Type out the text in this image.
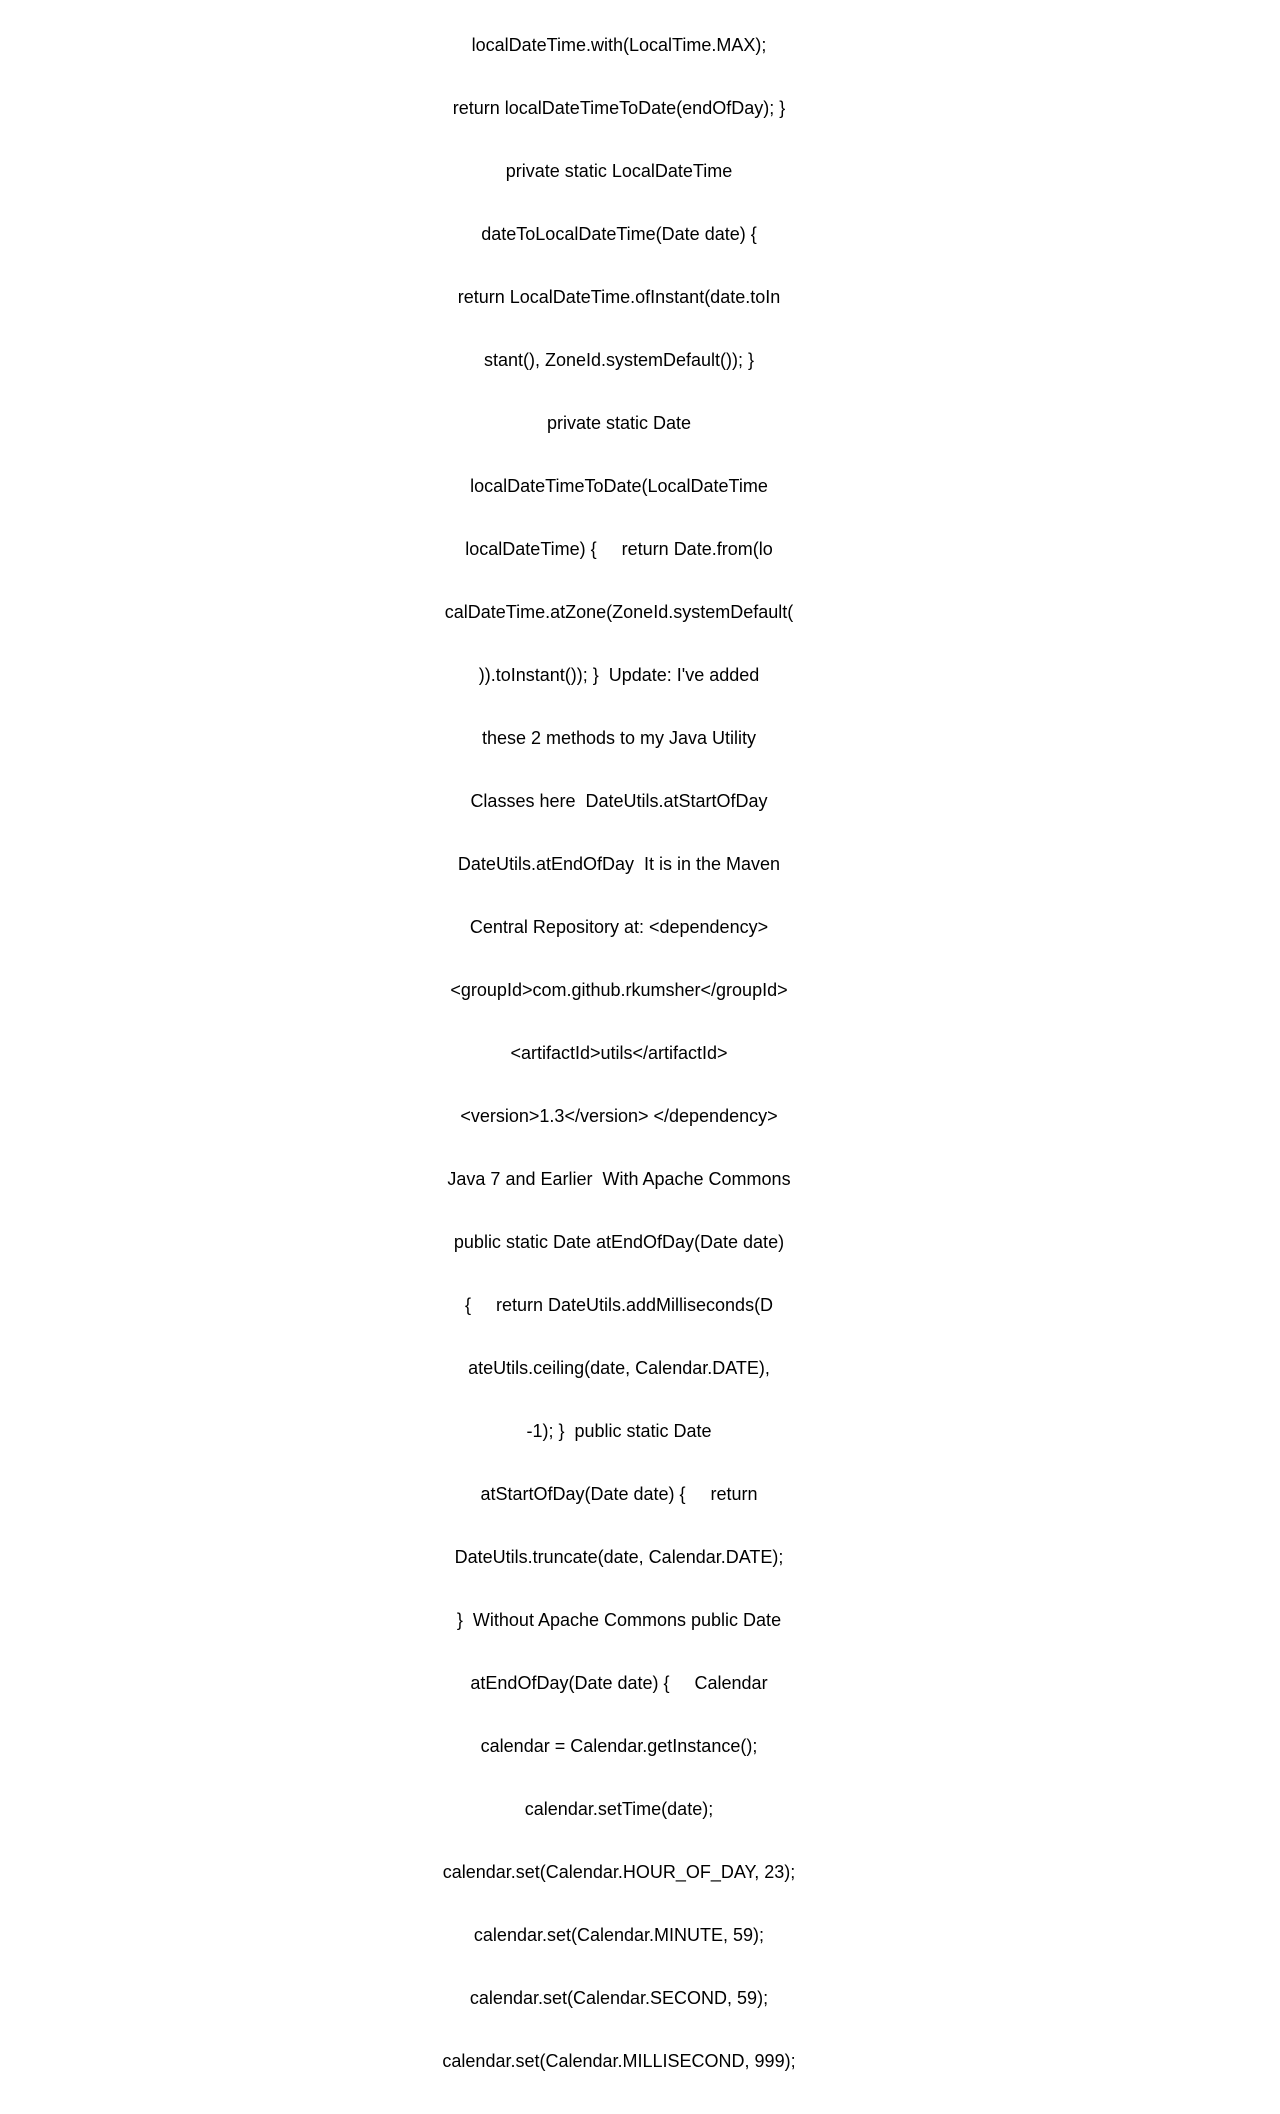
localDateTime.with(LocalTime.MAX);

return localDateTimeToDate(endOfDay); }

private static LocalDateTime

dateToLocalDateTime(Date date) {

return LocalDateTime.ofInstant(date.toIn

stant(), ZoneId.systemDefault()); }

private static Date

localDateTimeToDate(LocalDateTime

localDateTime) {     return Date.from(lo

calDateTime.atZone(ZoneId.systemDefault(

)).toInstant()); }  Update: I've added

these 2 methods to my Java Utility

Classes here  DateUtils.atStartOfDay

DateUtils.atEndOfDay  It is in the Maven

Central Repository at: <dependency>

<groupId>com.github.rkumsher</groupId>

<artifactId>utils</artifactId>

<version>1.3</version> </dependency>

Java 7 and Earlier  With Apache Commons

public static Date atEndOfDay(Date date)

{     return DateUtils.addMilliseconds(D

ateUtils.ceiling(date, Calendar.DATE),

-1); }  public static Date

atStartOfDay(Date date) {     return

DateUtils.truncate(date, Calendar.DATE);

}  Without Apache Commons public Date

atEndOfDay(Date date) {     Calendar

calendar = Calendar.getInstance();

calendar.setTime(date);

calendar.set(Calendar.HOUR_OF_DAY, 23);

calendar.set(Calendar.MINUTE, 59);

calendar.set(Calendar.SECOND, 59);

calendar.set(Calendar.MILLISECOND, 999);
